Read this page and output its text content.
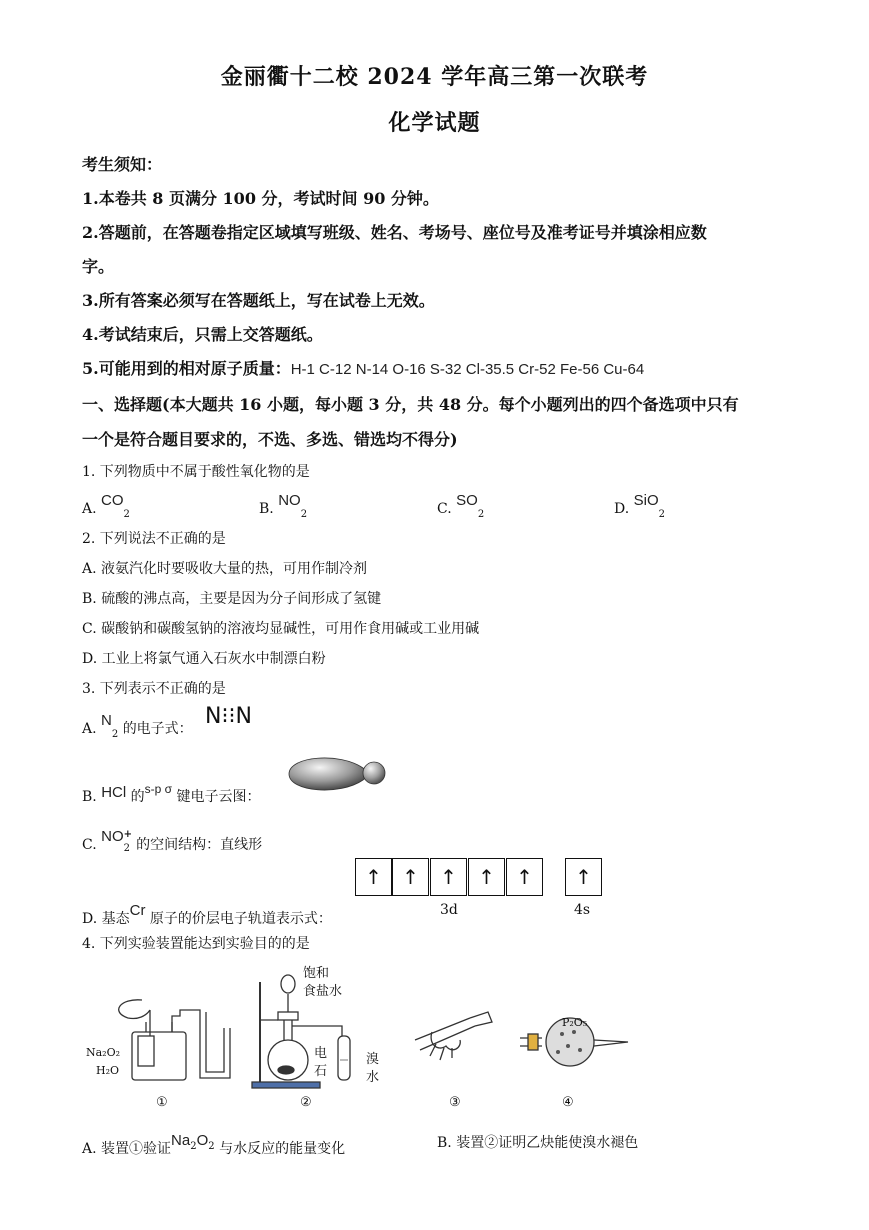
金丽衢十二校 2024 学年高三第一次联考
化学试题
考生须知：
1.本卷共 8 页满分 100 分，考试时间 90 分钟。
2.答题前，在答题卷指定区域填写班级、姓名、考场号、座位号及准考证号并填涂相应数
字。
3.所有答案必须写在答题纸上，写在试卷上无效。
4.考试结束后，只需上交答题纸。
5.可能用到的相对原子质量：H-1 C-12 N-14 O-16 S-32 Cl-35.5 Cr-52 Fe-56 Cu-64
一、选择题(本大题共 16 小题，每小题 3 分，共 48 分。每个小题列出的四个备选项中只有
一个是符合题目要求的，不选、多选、错选均不得分)
1. 下列物质中不属于酸性氧化物的是
A. $CO_2$	B. $NO_2$	C. $SO_2$	D. SiO$_2$
2. 下列说法不正确的是
A. 液氨汽化时要吸收大量的热，可用作制冷剂
B. 硫酸的沸点高，主要是因为分子间形成了氢键
C. 碳酸钠和碳酸氢钠的溶液均显碱性，可用作食用碱或工业用碱
D. 工业上将氯气通入石灰水中制漂白粉
3. 下列表示不正确的是
A. $N_2$ 的电子式： N⁝⁝N
B. HCl 的s-p σ 键电子云图：
C. NO +
2 的空间结构：直线形
↑	↑	↑	↑	↑	↑
3d	4s
D. 基态Cr 原子的价层电子轨道表示式：
4. 下列实验装置能达到实验目的的是
Na₂O₂
H₂O
饱和
食盐水
电
石
溴
水
P₂O₅
①	②	③	④
A. 装置①验证$Na^2O^2$ 与水反应的能量变化	B. 装置②证明乙炔能使溴水褪色
